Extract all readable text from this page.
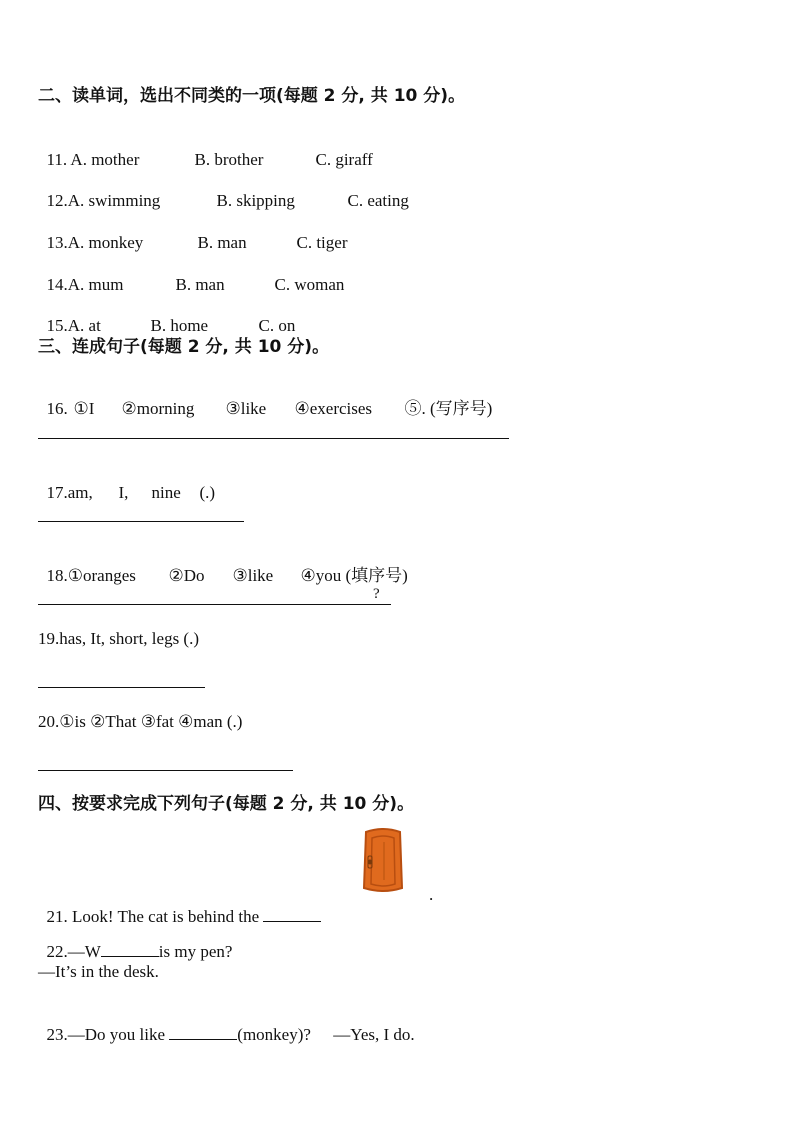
二、读单词，选出不同类的一项(每题 2 分, 共 10 分)。

11. A. mother	B. brother	C. giraff

12.A. swimming	B. skipping	C. eating

13.A. monkey	B. man	C. tiger

14.A. mum	B. man	C. woman

15.A. at	B. home	C. on

三、连成句子(每题 2 分, 共 10 分)。

16. ①I ②morning ③like ④exercises ⑤. (写序号)

17.am, I, nine (.)

18.①oranges ②Do ③like ④you (填序号)

?
19.has, It, short, legs (.)
20.①is ②That ③fat ④man (.)
四、按要求完成下列句子(每题 2 分, 共 10 分)。

21. Look! The cat is behind the

.

22.—W	is my pen?

—It’s in the desk.

23.—Do you like	(monkey)? —Yes, I do.
